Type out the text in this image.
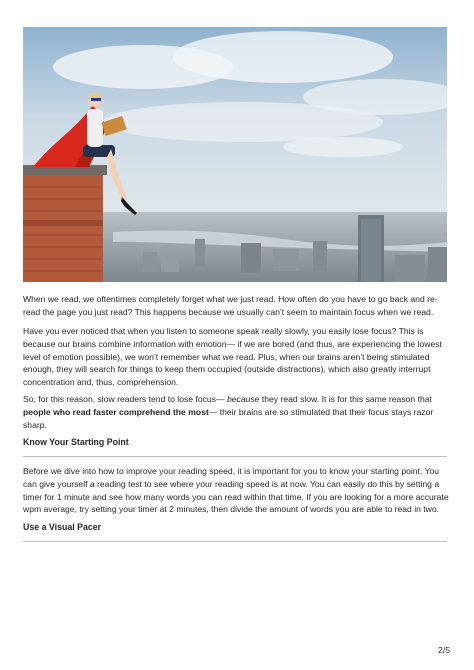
When we read, we oftentimes completely forget what we just read. How often do you have to go back and re-read the page you just read? This happens because we usually can’t seem to maintain focus when we read.

Have you ever noticed that when you listen to someone speak really slowly, you easily lose focus? This is because our brains combine information with emotion— if we are bored (and thus, are experiencing the lowest level of emotion possible), we won’t remember what we read. Plus, when our brains aren’t being stimulated enough, they will search for things to keep them occupied (outside distractions), which also greatly interrupt concentration and, thus, comprehension.

So, for this reason, slow readers tend to lose focus— because they read slow. It is for this same reason that people who read faster comprehend the most— their brains are so stimulated that their focus stays razor sharp.

Know Your Starting Point

Before we dive into how to improve your reading speed, it is important for you to know your starting point. You can give yourself a reading test to see where your reading speed is at now. You can easily do this by setting a timer for 1 minute and see how many words you can read within that time. If you are looking for a more accurate wpm average, try setting your timer at 2 minutes, then divide the amount of words you are able to read in two.

Use a Visual Pacer
2/5
